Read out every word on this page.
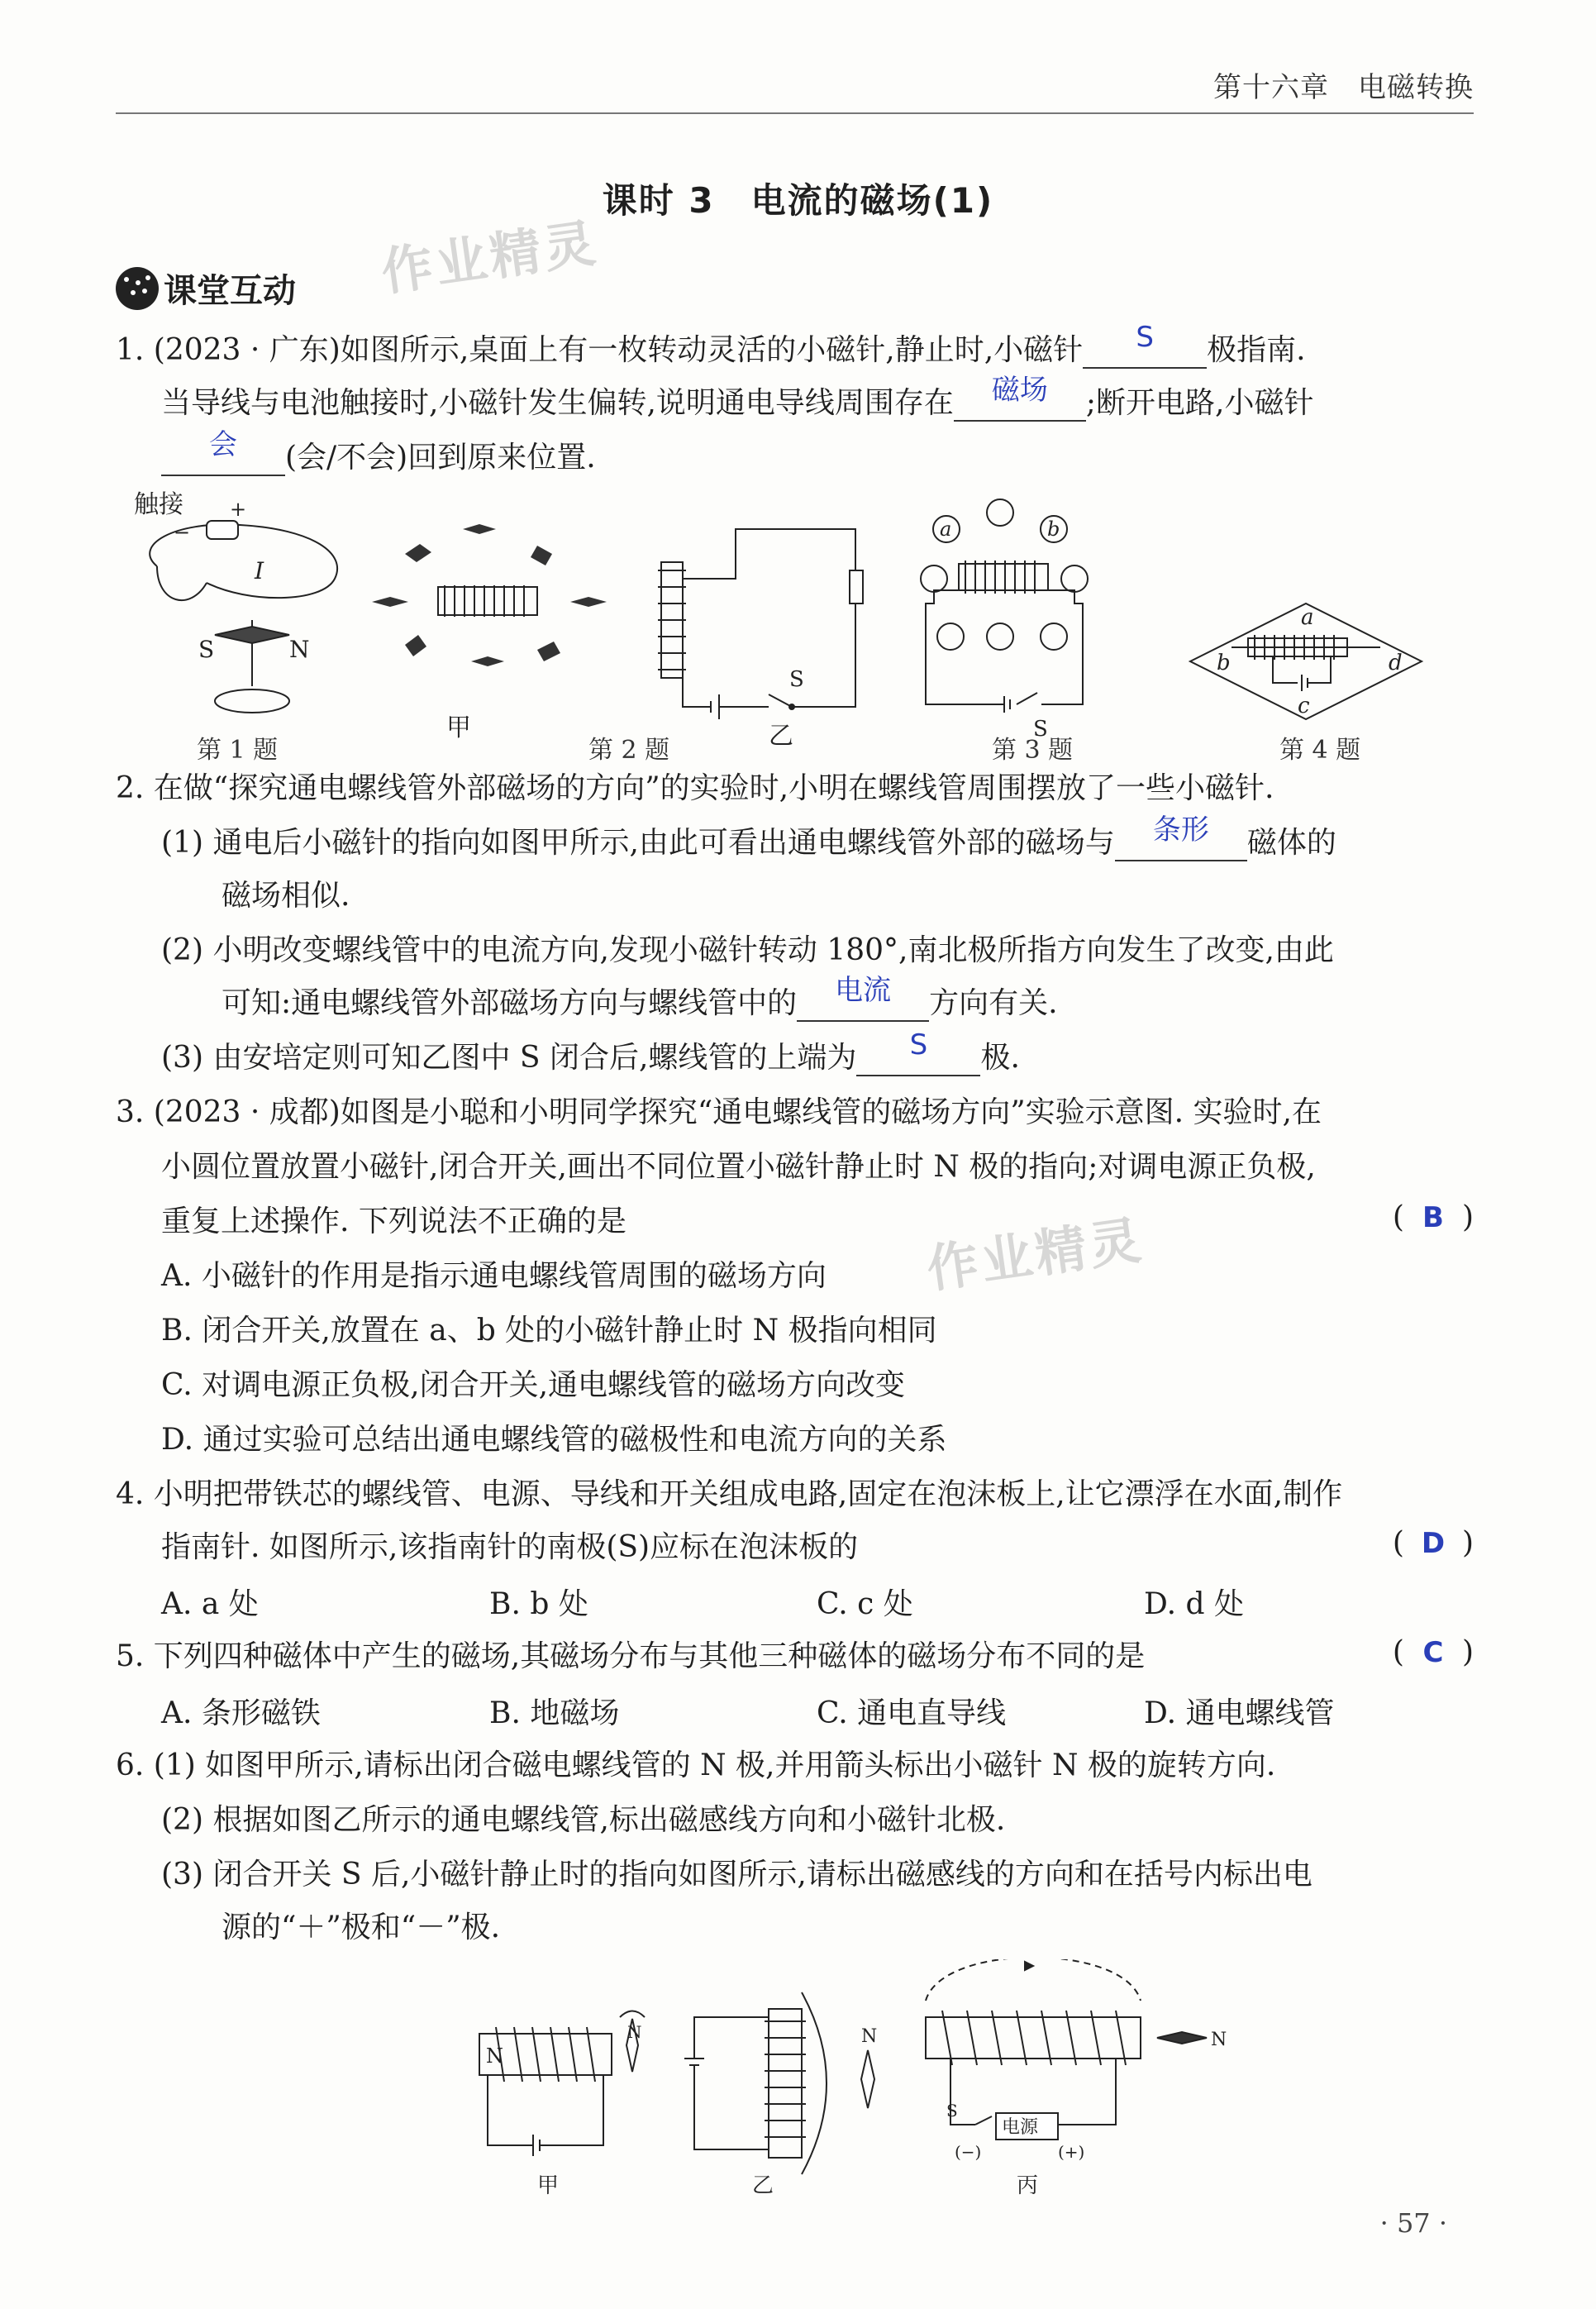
第十六章　电磁转换
课时 3　电流的磁场(1)
作业精灵
课堂互动
1. (2023 · 广东)如图所示,桌面上有一枚转动灵活的小磁针,静止时,小磁针 S 极指南.
当导线与电池触接时,小磁针发生偏转,说明通电导线周围存在 磁场 ;断开电路,小磁针
会 (会/不会)回到原来位置.
触接
−
+
I
S	N
甲
S
乙
a	b
S
a
b
c
d
第 1 题	第 2 题	第 3 题	第 4 题
2. 在做“探究通电螺线管外部磁场的方向”的实验时,小明在螺线管周围摆放了一些小磁针.
(1) 通电后小磁针的指向如图甲所示,由此可看出通电螺线管外部的磁场与 条形 磁体的
磁场相似.
(2) 小明改变螺线管中的电流方向,发现小磁针转动 180°,南北极所指方向发生了改变,由此
可知:通电螺线管外部磁场方向与螺线管中的 电流 方向有关.
(3) 由安培定则可知乙图中 S 闭合后,螺线管的上端为 S 极.
3. (2023 · 成都)如图是小聪和小明同学探究“通电螺线管的磁场方向”实验示意图. 实验时,在
小圆位置放置小磁针,闭合开关,画出不同位置小磁针静止时 N 极的指向;对调电源正负极,
重复上述操作. 下列说法不正确的是	( B )
作业精灵
A. 小磁针的作用是指示通电螺线管周围的磁场方向
B. 闭合开关,放置在 a、b 处的小磁针静止时 N 极指向相同
C. 对调电源正负极,闭合开关,通电螺线管的磁场方向改变
D. 通过实验可总结出通电螺线管的磁极性和电流方向的关系
4. 小明把带铁芯的螺线管、电源、导线和开关组成电路,固定在泡沫板上,让它漂浮在水面,制作
指南针. 如图所示,该指南针的南极(S)应标在泡沫板的	( D )
A. a 处	B. b 处	C. c 处	D. d 处
5. 下列四种磁体中产生的磁场,其磁场分布与其他三种磁体的磁场分布不同的是	( C )
A. 条形磁铁	B. 地磁场	C. 通电直导线	D. 通电螺线管
6. (1) 如图甲所示,请标出闭合磁电螺线管的 N 极,并用箭头标出小磁针 N 极的旋转方向.
(2) 根据如图乙所示的通电螺线管,标出磁感线方向和小磁针北极.
(3) 闭合开关 S 后,小磁针静止时的指向如图所示,请标出磁感线的方向和在括号内标出电
源的“＋”极和“－”极.
N
N
甲
N
乙
S
电源
(−)	(+)
N
丙
· 57 ·
